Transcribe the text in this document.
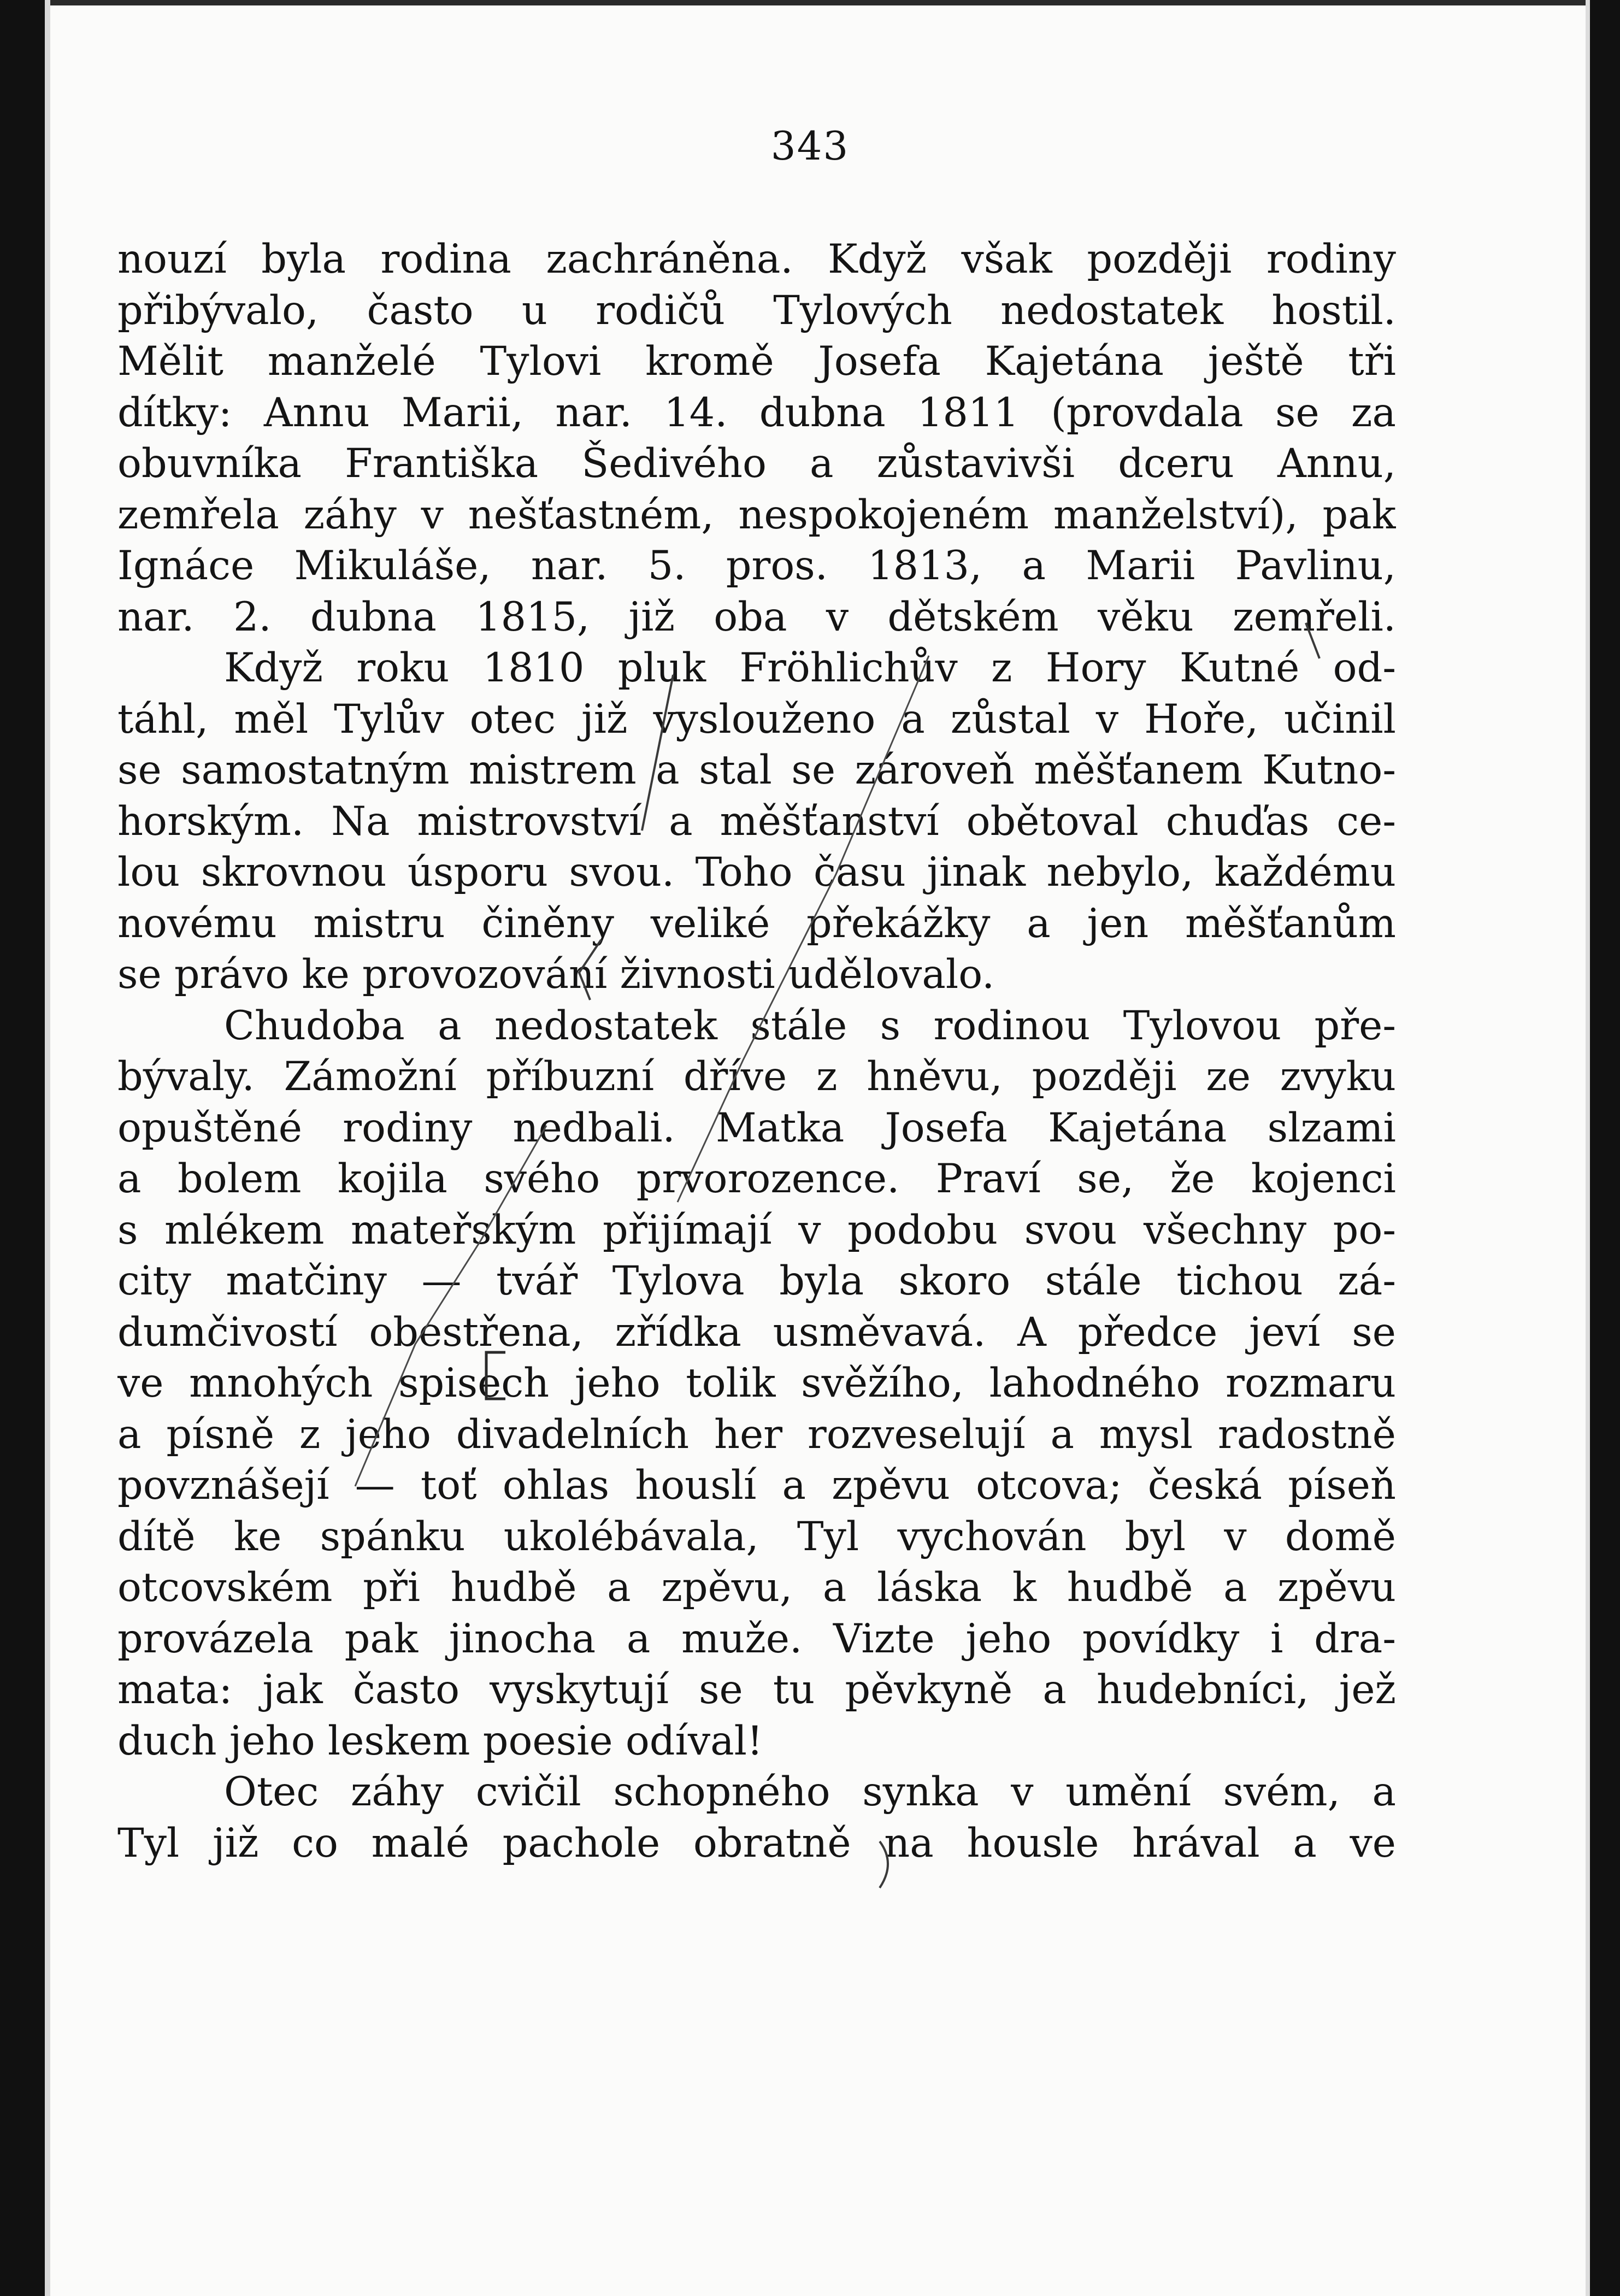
343
nouzí byla rodina zachráněna. Když však později rodiny
přibývalo, často u rodičů Tylových nedostatek hostil.
Mělit manželé Tylovi kromě Josefa Kajetána ještě tři
dítky: Annu Marii, nar. 14. dubna 1811 (provdala se za
obuvníka Františka Šedivého a zůstavivši dceru Annu,
zemřela záhy v nešťastném, nespokojeném manželství), pak
Ignáce Mikuláše, nar. 5. pros. 1813, a Marii Pavlinu,
nar. 2. dubna 1815, již oba v dětském věku zemřeli.
Když roku 1810 pluk Fröhlichův z Hory Kutné od-
táhl, měl Tylův otec již vyslouženo a zůstal v Hoře, učinil
se samostatným mistrem a stal se zároveň měšťanem Kutno-
horským. Na mistrovství a měšťanství obětoval chuďas ce-
lou skrovnou úsporu svou. Toho času jinak nebylo, každému
novému mistru činěny veliké překážky a jen měšťanům
se právo ke provozování živnosti udělovalo.
Chudoba a nedostatek stále s rodinou Tylovou pře-
bývaly. Zámožní příbuzní dříve z hněvu, později ze zvyku
opuštěné rodiny nedbali. Matka Josefa Kajetána slzami
a bolem kojila svého prvorozence. Praví se, že kojenci
s mlékem mateřským přijímají v podobu svou všechny po-
city matčiny — tvář Tylova byla skoro stále tichou zá-
dumčivostí obestřena, zřídka usměvavá. A předce jeví se
ve mnohých spisech jeho tolik svěžího, lahodného rozmaru
a písně z jeho divadelních her rozveselují a mysl radostně
povznášejí — toť ohlas houslí a zpěvu otcova; česká píseň
dítě ke spánku ukolébávala, Tyl vychován byl v domě
otcovském při hudbě a zpěvu, a láska k hudbě a zpěvu
provázela pak jinocha a muže. Vizte jeho povídky i dra-
mata: jak často vyskytují se tu pěvkyně a hudebníci, jež
duch jeho leskem poesie odíval!
Otec záhy cvičil schopného synka v umění svém, a
Tyl již co malé pachole obratně na housle hrával a ve
